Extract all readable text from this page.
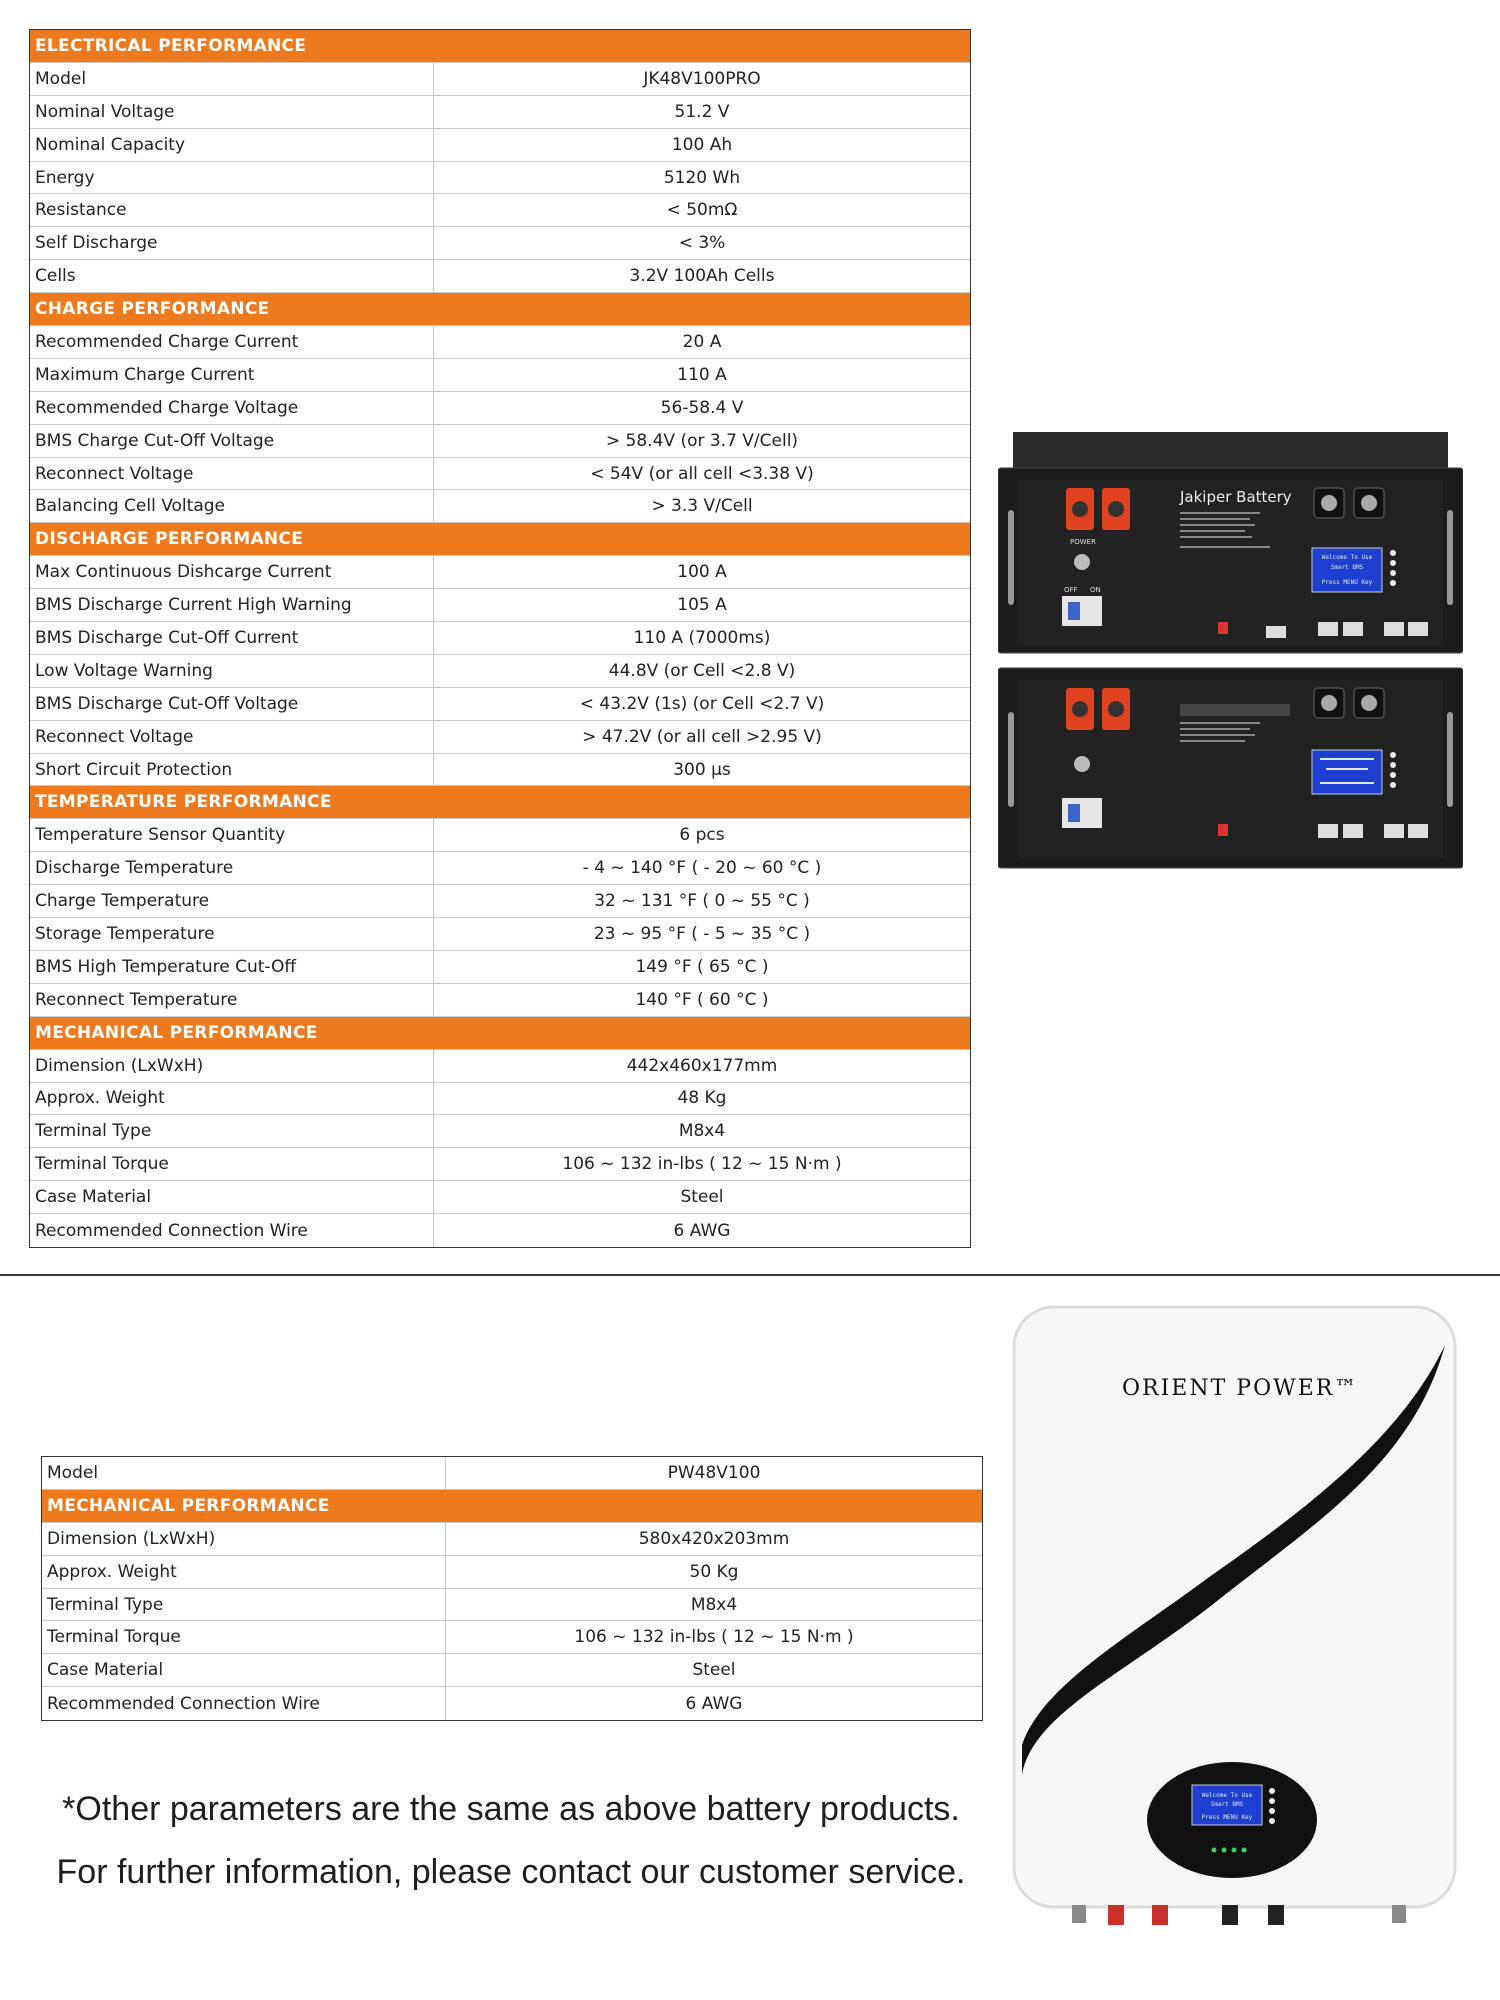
ELECTRICAL PERFORMANCE
Model	JK48V100PRO
Nominal Voltage	51.2 V
Nominal Capacity	100 Ah
Energy	5120 Wh
Resistance	< 50mΩ
Self Discharge	< 3%
Cells	3.2V 100Ah Cells
CHARGE PERFORMANCE
Recommended Charge Current	20 A
Maximum Charge Current	110 A
Recommended Charge Voltage	56-58.4 V
BMS Charge Cut-Off Voltage	> 58.4V (or 3.7 V/Cell)
Reconnect Voltage	< 54V (or all cell <3.38 V)
Balancing Cell Voltage	> 3.3 V/Cell
DISCHARGE PERFORMANCE
Max Continuous Dishcarge Current	100 A
BMS Discharge Current High Warning	105 A
BMS Discharge Cut-Off Current	110 A (7000ms)
Low Voltage Warning	44.8V (or Cell <2.8 V)
BMS Discharge Cut-Off Voltage	< 43.2V (1s) (or Cell <2.7 V)
Reconnect Voltage	> 47.2V (or all cell >2.95 V)
Short Circuit Protection	300 μs
TEMPERATURE PERFORMANCE
Temperature Sensor Quantity	6 pcs
Discharge Temperature	- 4 ~ 140 °F ( - 20 ~ 60 °C )
Charge Temperature	32 ~ 131 °F ( 0 ~ 55 °C )
Storage Temperature	23 ~ 95 °F ( - 5 ~ 35 °C )
BMS High Temperature Cut-Off	149 °F ( 65 °C )
Reconnect Temperature	140 °F ( 60 °C )
MECHANICAL PERFORMANCE
Dimension (LxWxH)	442x460x177mm
Approx. Weight	48 Kg
Terminal Type	M8x4
Terminal Torque	106 ~ 132 in-lbs ( 12 ~ 15 N·m )
Case Material	Steel
Recommended Connection Wire	6 AWG
Model	PW48V100
MECHANICAL PERFORMANCE
Dimension (LxWxH)	580x420x203mm
Approx. Weight	50 Kg
Terminal Type	M8x4
Terminal Torque	106 ~ 132 in-lbs ( 12 ~ 15 N·m )
Case Material	Steel
Recommended Connection Wire	6 AWG
POWER
OFF ON
Jakiper Battery
Welcome To Use
Smart BMS
Press MENU Key
ORIENT POWER™
Welcome To Use
Smart BMS
Press MENU Key
*Other parameters are the same as above battery products.
For further information, please contact our customer service.
